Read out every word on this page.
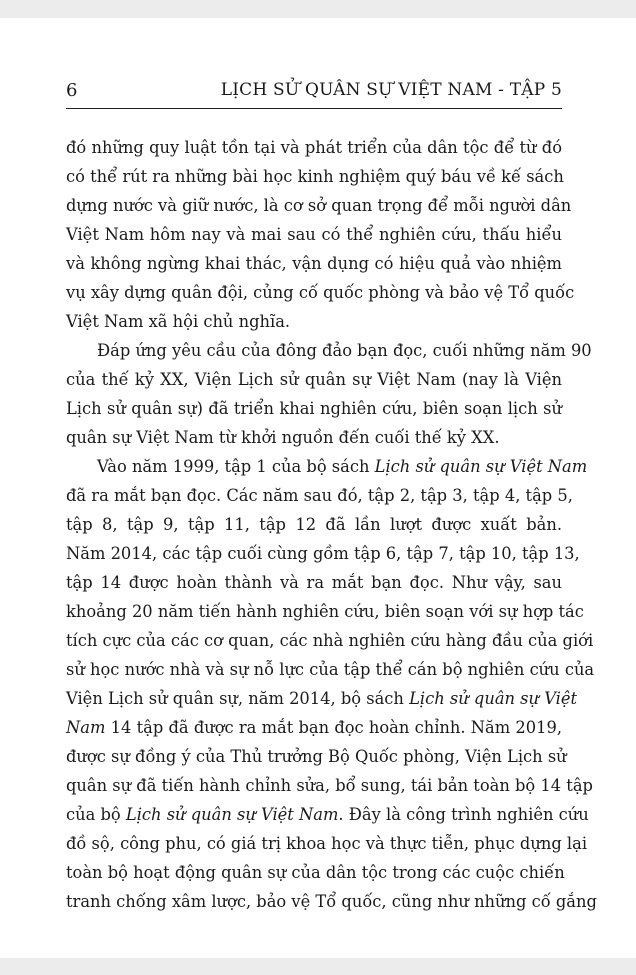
6	LỊCH SỬ QUÂN SỰ VIỆT NAM - TẬP 5
đó những quy luật tồn tại và phát triển của dân tộc để từ đó
có thể rút ra những bài học kinh nghiệm quý báu về kế sách
dựng nước và giữ nước, là cơ sở quan trọng để mỗi người dân
Việt Nam hôm nay và mai sau có thể nghiên cứu, thấu hiểu
và không ngừng khai thác, vận dụng có hiệu quả vào nhiệm
vụ xây dựng quân đội, củng cố quốc phòng và bảo vệ Tổ quốc
Việt Nam xã hội chủ nghĩa.
Đáp ứng yêu cầu của đông đảo bạn đọc, cuối những năm 90
của thế kỷ XX, Viện Lịch sử quân sự Việt Nam (nay là Viện
Lịch sử quân sự) đã triển khai nghiên cứu, biên soạn lịch sử
quân sự Việt Nam từ khởi nguồn đến cuối thế kỷ XX.
Vào năm 1999, tập 1 của bộ sách Lịch sử quân sự Việt Nam
đã ra mắt bạn đọc. Các năm sau đó, tập 2, tập 3, tập 4, tập 5,
tập 8, tập 9, tập 11, tập 12 đã lần lượt được xuất bản.
Năm 2014, các tập cuối cùng gồm tập 6, tập 7, tập 10, tập 13,
tập 14 được hoàn thành và ra mắt bạn đọc. Như vậy, sau
khoảng 20 năm tiến hành nghiên cứu, biên soạn với sự hợp tác
tích cực của các cơ quan, các nhà nghiên cứu hàng đầu của giới
sử học nước nhà và sự nỗ lực của tập thể cán bộ nghiên cứu của
Viện Lịch sử quân sự, năm 2014, bộ sách Lịch sử quân sự Việt
Nam 14 tập đã được ra mắt bạn đọc hoàn chỉnh. Năm 2019,
được sự đồng ý của Thủ trưởng Bộ Quốc phòng, Viện Lịch sử
quân sự đã tiến hành chỉnh sửa, bổ sung, tái bản toàn bộ 14 tập
của bộ Lịch sử quân sự Việt Nam. Đây là công trình nghiên cứu
đồ sộ, công phu, có giá trị khoa học và thực tiễn, phục dựng lại
toàn bộ hoạt động quân sự của dân tộc trong các cuộc chiến
tranh chống xâm lược, bảo vệ Tổ quốc, cũng như những cố gắng
